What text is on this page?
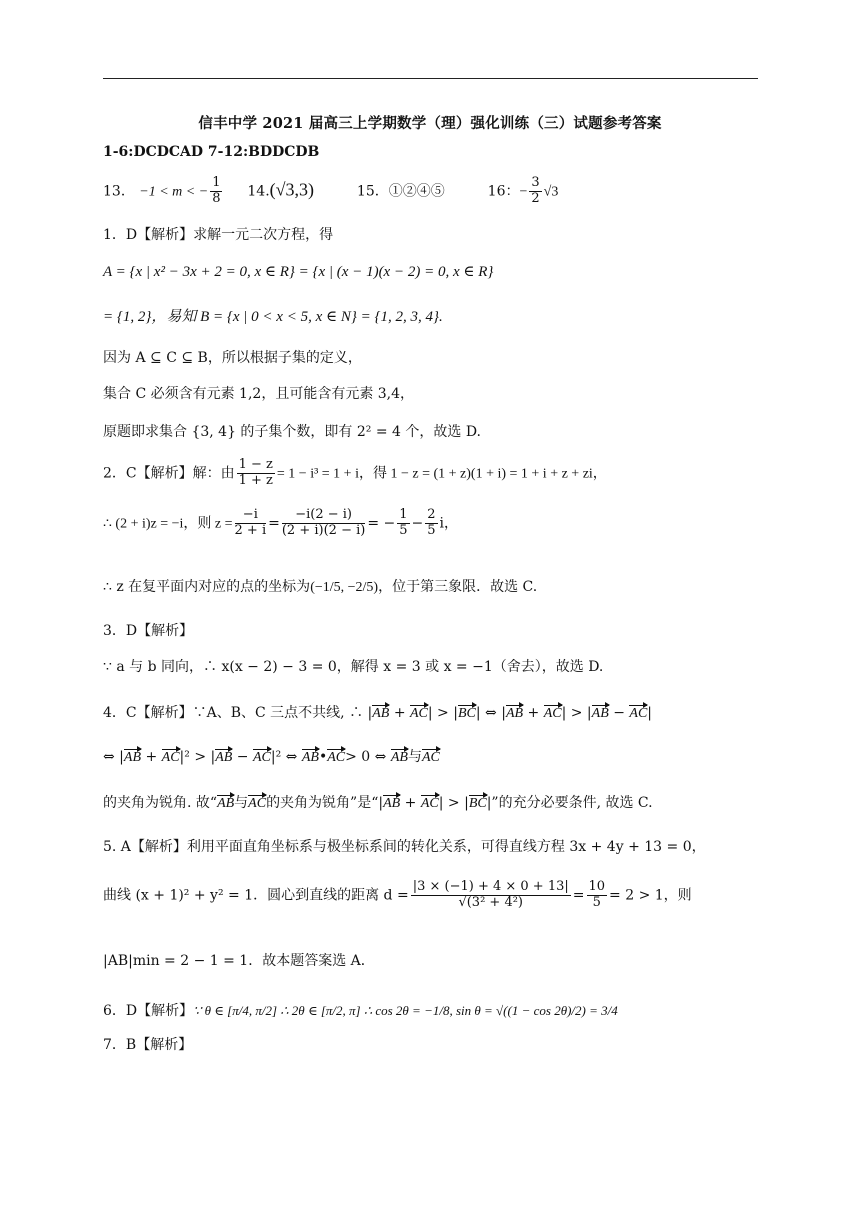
信丰中学 2021 届高三上学期数学（理）强化训练（三）试题参考答案
1-6:DCDCAD 7-12:BDDCDB
13． −1 < m < − $\frac{1}{8} 14.(√3,3)$	15．①②④⑤	16：− $\frac{3}{2} √3$
1．D【解析】求解一元二次方程，得
A = {x | x² − 3x + 2 = 0, x ∈ R} = {x | (x − 1)(x − 2) = 0, x ∈ R}
= {1, 2}，易知 B = {x | 0 < x < 5, x ∈ N} = {1, 2, 3, 4}.
因为 A ⊆ C ⊆ B，所以根据子集的定义，
集合 C 必须含有元素 1,2，且可能含有元素 3,4，
原题即求集合 {3, 4} 的子集个数，即有 2² = 4 个，故选 D.
2．C【解析】解：由 $\frac{1 - z}{1 + z} = 1 - i^3 = 1 + i$，得 1 − z = (1 + z)(1 + i) = 1 + i + z + zi，
∴ (2 + i)z = −i，则 $z = \frac{-i}{2 + i} = \frac{-i(2 - i)}{(2 + i)(2 - i)}$ = − $\frac{1}{5} - \frac{2}{5}$ i，
∴ z 在复平面内对应的点的坐标为(−1/5, −2/5)，位于第三象限．故选 C.
3．D【解析】
∵ a 与 b 同向，∴ x(x − 2) − 3 = 0，解得 x = 3 或 x = −1（舍去），故选 D.
4．C【解析】∵A、B、C 三点不共线, ∴ |AB + AC| > |BC| ⇔ |AB + AC| > |AB − AC|
⇔ |AB + AC|² > |AB − AC|² ⇔ AB•AC> 0 ⇔ AB与AC
的夹角为锐角. 故“AB与AC的夹角为锐角”是“|AB + AC| > |BC|”的充分必要条件, 故选 C.
5. A【解析】利用平面直角坐标系与极坐标系间的转化关系，可得直线方程 3x + 4y + 13 = 0，
曲线 (x + 1)² + y² = 1．圆心到直线的距离 $d = \frac{|3 \times (-1) + 4 \times 0 + 13|}{\text{√(3² + 4²)}} = \frac{10}{5} = 2 > 1$，则
|AB|min = 2 − 1 = 1．故本题答案选 A．
6．D【解析】∵ θ ∈ [π/4, π/2] ∴ 2θ ∈ [π/2, π] ∴ cos 2θ = −1/8, sin θ = √((1 − cos 2θ)/2) = 3/4
7．B【解析】
